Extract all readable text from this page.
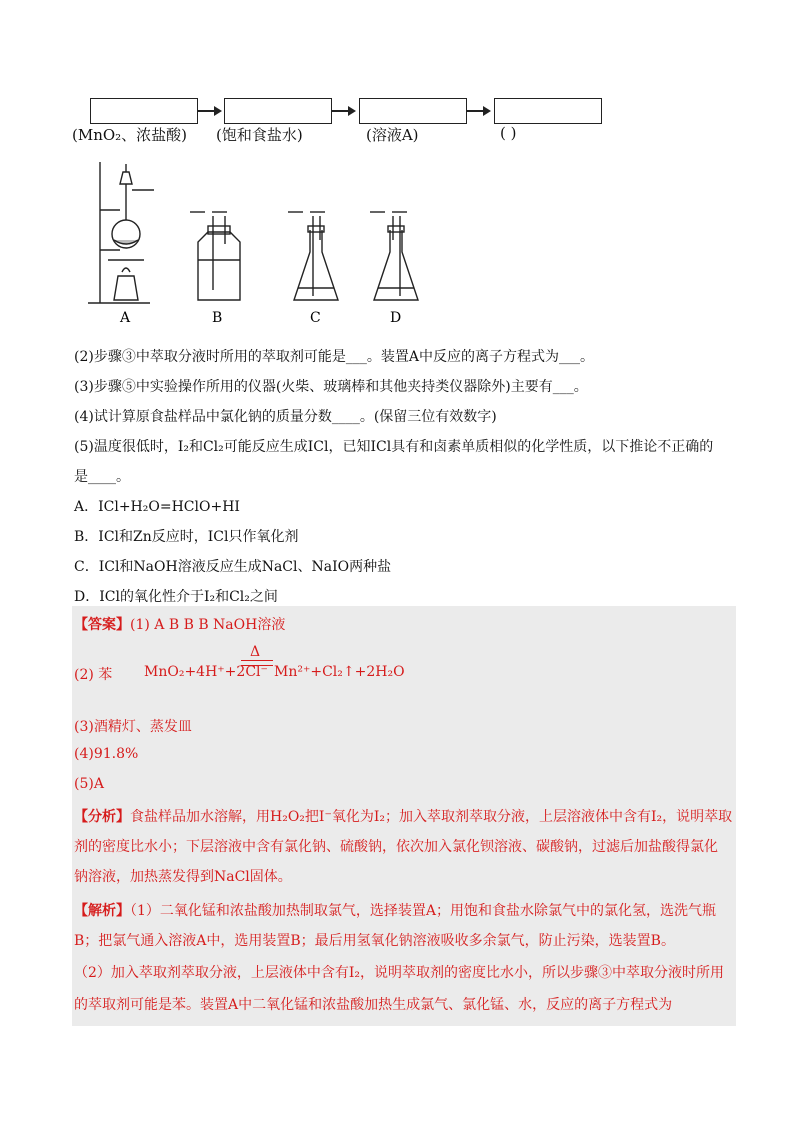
(MnO₂、浓盐酸) (饱和食盐水)	(溶液A)	( )
A	B	C	D
(2)步骤③中萃取分液时所用的萃取剂可能是___。装置A中反应的离子方程式为___。
(3)步骤⑤中实验操作所用的仪器(火柴、玻璃棒和其他夹持类仪器除外)主要有___。
(4)试计算原食盐样品中氯化钠的质量分数____。(保留三位有效数字)
(5)温度很低时，I₂和Cl₂可能反应生成ICl，已知ICl具有和卤素单质相似的化学性质，以下推论不正确的
是____。
A．ICl+H₂O=HClO+HI
B．ICl和Zn反应时，ICl只作氧化剂
C．ICl和NaOH溶液反应生成NaCl、NaIO两种盐
D．ICl的氧化性介于I₂和Cl₂之间
【答案】(1) A B B B NaOH溶液
(2) 苯 MnO₂+4H⁺+2Cl⁻
Δ
Mn²⁺+Cl₂↑+2H₂O
(3)酒精灯、蒸发皿
(4)91.8%
(5)A
【分析】食盐样品加水溶解，用H₂O₂把I⁻氧化为I₂；加入萃取剂萃取分液，上层溶液体中含有I₂，说明萃取
剂的密度比水小；下层溶液中含有氯化钠、硫酸钠，依次加入氯化钡溶液、碳酸钠，过滤后加盐酸得氯化
钠溶液，加热蒸发得到NaCl固体。
【解析】（1）二氧化锰和浓盐酸加热制取氯气，选择装置A；用饱和食盐水除氯气中的氯化氢，选洗气瓶
B；把氯气通入溶液A中，选用装置B；最后用氢氧化钠溶液吸收多余氯气，防止污染，选装置B。
（2）加入萃取剂萃取分液，上层液体中含有I₂，说明萃取剂的密度比水小，所以步骤③中萃取分液时所用
的萃取剂可能是苯。装置A中二氧化锰和浓盐酸加热生成氯气、氯化锰、水，反应的离子方程式为
